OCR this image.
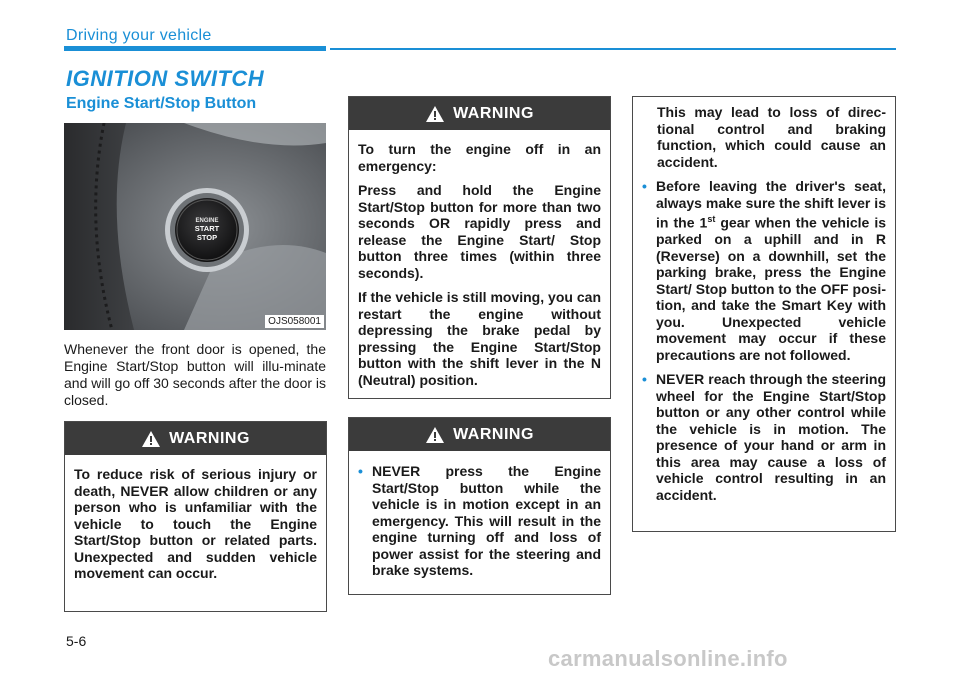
Driving your vehicle
IGNITION SWITCH
Engine Start/Stop Button
ENGINE
START
STOP
OJS058001
Whenever the front door is opened, the Engine Start/Stop button will illu-minate and will go off 30 seconds after the door is closed.
WARNING

To reduce risk of serious injury or death, NEVER allow children or any person who is unfamiliar with the vehicle to touch the Engine Start/Stop button or related parts. Unexpected and sudden vehicle movement can occur.

WARNING

To turn the engine off in an emergency:

Press and hold the Engine Start/Stop button for more than two seconds OR rapidly press and release the Engine Start/ Stop button three times (within three seconds).

If the vehicle is still moving, you can restart the engine without depressing the brake pedal by pressing the Engine Start/Stop button with the shift lever in the N (Neutral) position.

WARNING
• NEVER press the Engine Start/Stop button while the vehicle is in motion except in an emergency. This will result in the engine turning off and loss of power assist for the steering and brake systems.

This may lead to loss of direc-tional control and braking function, which could cause an accident.

• Before leaving the driver's seat, always make sure the shift lever is in the 1st gear when the vehicle is parked on a uphill and in R (Reverse) on a downhill, set the parking brake, press the Engine Start/ Stop button to the OFF posi-tion, and take the Smart Key with you. Unexpected vehicle movement may occur if these precautions are not followed.
• NEVER reach through the steering wheel for the Engine Start/Stop button or any other control while the vehicle is in motion. The presence of your hand or arm in this area may cause a loss of vehicle control resulting in an accident.
5-6
carmanualsonline.info
